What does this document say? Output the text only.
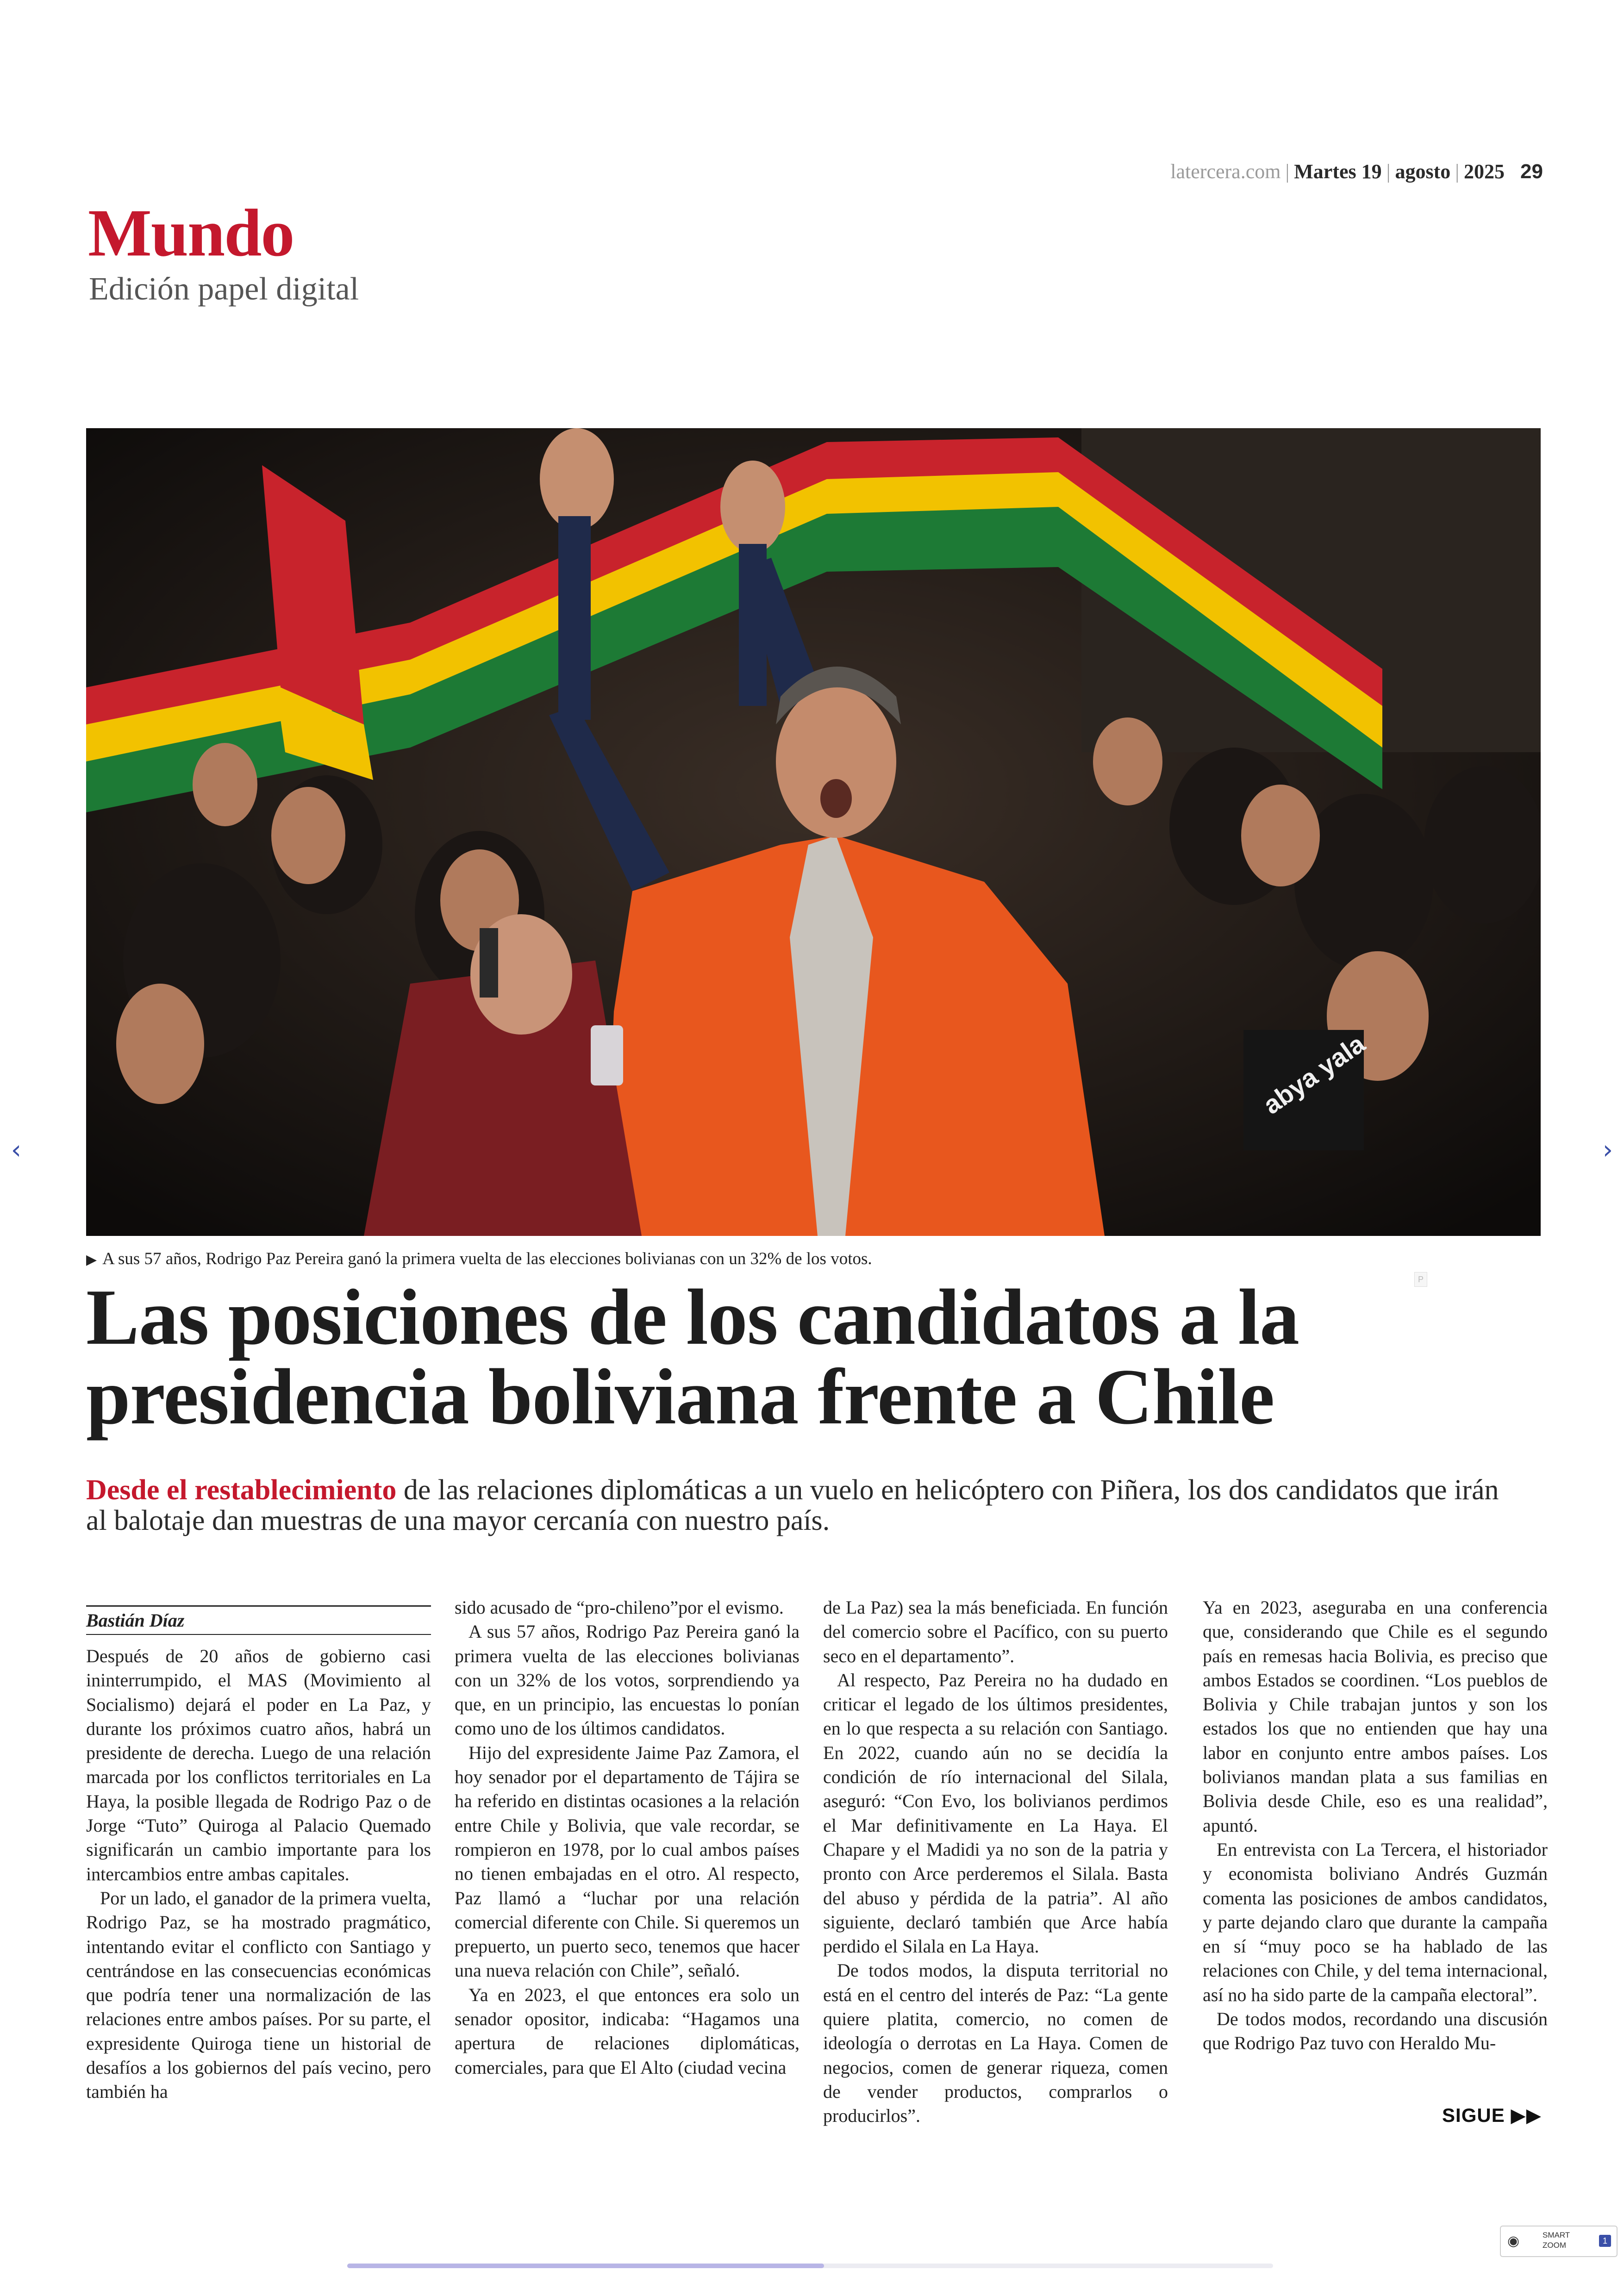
latercera.com | Martes 19 | agosto | 2025 29
Mundo
Edición papel digital
abya yala
▶ A sus 57 años, Rodrigo Paz Pereira ganó la primera vuelta de las elecciones bolivianas con un 32% de los votos.
P
Las posiciones de los candidatos a la
presidencia boliviana frente a Chile
Desde el restablecimiento de las relaciones diplomáticas a un vuelo en helicóptero con Piñera, los dos candidatos que irán al balotaje dan muestras de una mayor cercanía con nuestro país.
Bastián Díaz

Después de 20 años de gobierno casi ininterrumpido, el MAS (Movimiento al Socialismo) dejará el poder en La Paz, y durante los próximos cuatro años, habrá un presidente de derecha. Luego de una relación marcada por los conflictos territoriales en La Haya, la posible llegada de Rodrigo Paz o de Jorge “Tuto” Quiroga al Palacio Quemado significarán un cambio importante para los intercambios entre ambas capitales.

Por un lado, el ganador de la primera vuelta, Rodrigo Paz, se ha mostrado pragmático, intentando evitar el conflicto con Santiago y centrándose en las consecuencias económicas que podría tener una normalización de las relaciones entre ambos países. Por su parte, el expresidente Quiroga tiene un historial de desafíos a los gobiernos del país vecino, pero también ha

sido acusado de “pro-chileno”por el evismo.

A sus 57 años, Rodrigo Paz Pereira ganó la primera vuelta de las elecciones bolivianas con un 32% de los votos, sorprendiendo ya que, en un principio, las encuestas lo ponían como uno de los últimos candidatos.

Hijo del expresidente Jaime Paz Zamora, el hoy senador por el departamento de Tájira se ha referido en distintas ocasiones a la relación entre Chile y Bolivia, que vale recordar, se rompieron en 1978, por lo cual ambos países no tienen embajadas en el otro. Al respecto, Paz llamó a “luchar por una relación comercial diferente con Chile. Si queremos un prepuerto, un puerto seco, tenemos que hacer una nueva relación con Chile”, señaló.

Ya en 2023, el que entonces era solo un senador opositor, indicaba: “Hagamos una apertura de relaciones diplomáticas, comerciales, para que El Alto (ciudad vecina

de La Paz) sea la más beneficiada. En función del comercio sobre el Pacífico, con su puerto seco en el departamento”.

Al respecto, Paz Pereira no ha dudado en criticar el legado de los últimos presidentes, en lo que respecta a su relación con Santiago. En 2022, cuando aún no se decidía la condición de río internacional del Silala, aseguró: “Con Evo, los bolivianos perdimos el Mar definitivamente en La Haya. El Chapare y el Madidi ya no son de la patria y pronto con Arce perderemos el Silala. Basta del abuso y pérdida de la patria”. Al año siguiente, declaró también que Arce había perdido el Silala en La Haya.

De todos modos, la disputa territorial no está en el centro del interés de Paz: “La gente quiere platita, comercio, no comen de ideología o derrotas en La Haya. Comen de negocios, comen de generar riqueza, comen de vender productos, comprarlos o producirlos”.

Ya en 2023, aseguraba en una conferencia que, considerando que Chile es el segundo país en remesas hacia Bolivia, es preciso que ambos Estados se coordinen. “Los pueblos de Bolivia y Chile trabajan juntos y son los estados los que no entienden que hay una labor en conjunto entre ambos países. Los bolivianos mandan plata a sus familias en Bolivia desde Chile, eso es una realidad”, apuntó.

En entrevista con La Tercera, el historiador y economista boliviano Andrés Guzmán comenta las posiciones de ambos candidatos, y parte dejando claro que durante la campaña en sí “muy poco se ha hablado de las relaciones con Chile, y del tema internacional, así no ha sido parte de la campaña electoral”.

De todos modos, recordando una discusión que Rodrigo Paz tuvo con Heraldo Mu-

SIGUE ▶▶
‹	›
◉	SMART
ZOOM	1
